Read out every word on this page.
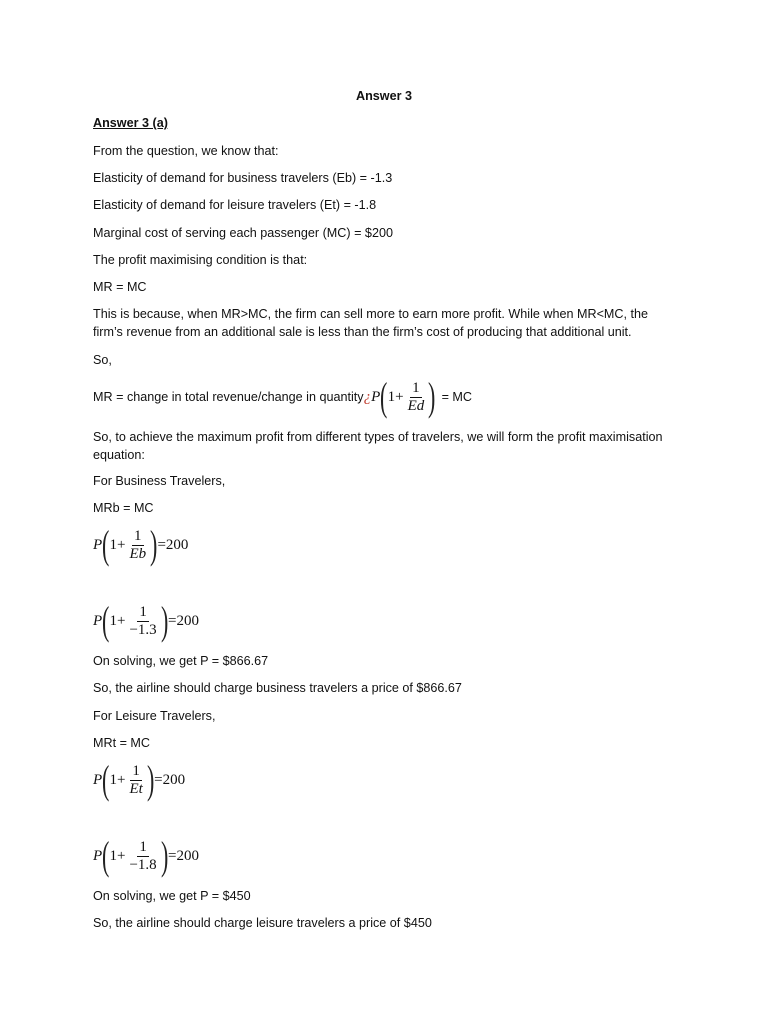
Answer 3
Answer 3 (a)
From the question, we know that:
Elasticity of demand for business travelers (Eb) = -1.3
Elasticity of demand for leisure travelers (Et) = -1.8
Marginal cost of serving each passenger (MC) = $200
The profit maximising condition is that:
MR = MC
This is because, when MR>MC, the firm can sell more to earn more profit. While when MR<MC, the firm’s revenue from an additional sale is less than the firm’s cost of producing that additional unit.
So,
MR = change in total revenue/change in quantity ¿ P ( $1+ \frac{1}{Ed}$ ) = MC
So, to achieve the maximum profit from different types of travelers, we will form the profit maximisation equation:
For Business Travelers,
MRb = MC
P ( $1+ \frac{1}{Eb}$ ) =200
P ( $1+ \frac{1}{-1.3}$ ) =200
On solving, we get P = $866.67
So, the airline should charge business travelers a price of $866.67
For Leisure Travelers,
MRt = MC
P ( $1+ \frac{1}{Et}$ ) =200
P ( $1+ \frac{1}{-1.8}$ ) =200
On solving, we get P = $450
So, the airline should charge leisure travelers a price of $450
